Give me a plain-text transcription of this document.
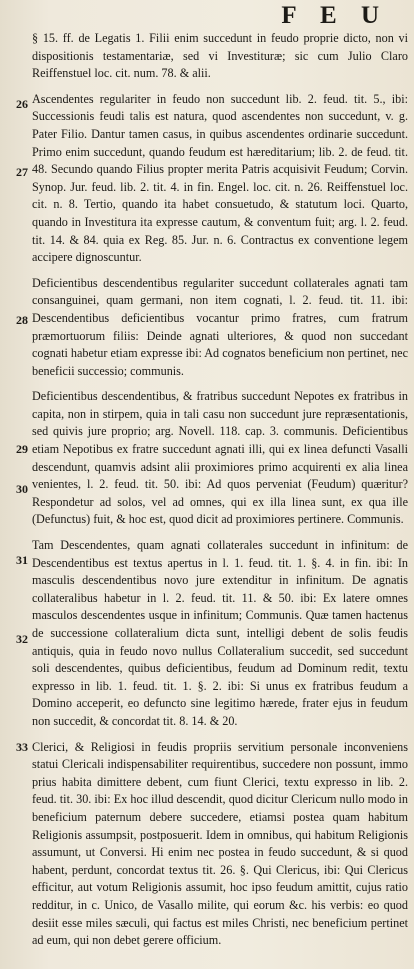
F E U
26
27
28
29
30
31
32
33

§ 15. ff. de Legatis 1. Filii enim succedunt in feudo proprie dicto, non vi dispositionis testamentariæ, sed vi Investituræ; sic cum Julio Claro Reiffenstuel loc. cit. num. 78. & alii.

Ascendentes regulariter in feudo non succedunt lib. 2. feud. tit. 5., ibi: Successionis feudi talis est natura, quod ascendentes non succedunt, v. g. Pater Filio. Dantur tamen casus, in quibus ascendentes ordinarie succedunt. Primo enim succedunt, quando feudum est hæreditarium; lib. 2. de feud. tit. 48. Secundo quando Filius propter merita Patris acquisivit Feudum; Corvin. Synop. Jur. feud. lib. 2. tit. 4. in fin. Engel. loc. cit. n. 26. Reiffenstuel loc. cit. n. 8. Tertio, quando ita habet consuetudo, & statutum loci. Quarto, quando in Investitura ita expresse cautum, & conventum fuit; arg. l. 2. feud. tit. 14. & 84. quia ex Reg. 85. Jur. n. 6. Contractus ex conventione legem accipere dignoscuntur.

Deficientibus descendentibus regulariter succedunt collaterales agnati tam consanguinei, quam germani, non item cognati, l. 2. feud. tit. 11. ibi: Descendentibus deficientibus vocantur primo fratres, cum fratrum præmortuorum filiis: Deinde agnati ulteriores, & quod non succedant cognati habetur etiam expresse ibi: Ad cognatos beneficium non pertinet, nec beneficii successio; communis.

Deficientibus descendentibus, & fratribus succedunt Nepotes ex fratribus in capita, non in stirpem, quia in tali casu non succedunt jure repræsentationis, sed quivis jure proprio; arg. Novell. 118. cap. 3. communis. Deficientibus etiam Nepotibus ex fratre succedunt agnati illi, qui ex linea defuncti Vasalli descendunt, quamvis adsint alii proximiores primo acquirenti ex alia linea venientes, l. 2. feud. tit. 50. ibi: Ad quos perveniat (Feudum) quæritur? Respondetur ad solos, vel ad omnes, qui ex illa linea sunt, ex qua ille (Defunctus) fuit, & hoc est, quod dicit ad proximiores pertinere. Communis.

Tam Descendentes, quam agnati collaterales succedunt in infinitum: de Descendentibus est textus apertus in l. 1. feud. tit. 1. §. 4. in fin. ibi: In masculis descendentibus novo jure extenditur in infinitum. De agnatis collateralibus habetur in l. 2. feud. tit. 11. & 50. ibi: Ex latere omnes masculos descendentes usque in infinitum; Communis. Quæ tamen hactenus de successione collateralium dicta sunt, intelligi debent de solis feudis antiquis, quia in feudo novo nullus Collateralium succedit, sed succedunt soli descendentes, quibus deficientibus, feudum ad Dominum redit, textu expresso in lib. 1. feud. tit. 1. §. 2. ibi: Si unus ex fratribus feudum a Domino acceperit, eo defuncto sine legitimo hærede, frater ejus in feudum non succedit, & concordat tit. 8. 14. & 20.

Clerici, & Religiosi in feudis propriis servitium personale inconveniens statui Clericali indispensabiliter requirentibus, succedere non possunt, immo prius habita dimittere debent, cum fiunt Clerici, textu expresso in lib. 2. feud. tit. 30. ibi: Ex hoc illud descendit, quod dicitur Clericum nullo modo in beneficium paternum debere succedere, etiamsi postea quam habitum Religionis assumpsit, postposuerit. Idem in omnibus, qui habitum Religionis assumunt, ut Conversi. Hi enim nec postea in feudo succedunt, & si quod habent, perdunt, concordat textus tit. 26. §. Qui Clericus, ibi: Qui Clericus efficitur, aut votum Religionis assumit, hoc ipso feudum amittit, cujus ratio redditur, in c. Unico, de Vasallo milite, qui eorum &c. his verbis: eo quod desiit esse miles sæculi, qui factus est miles Christi, nec beneficium pertinet ad eum, qui non debet gerere officium.
